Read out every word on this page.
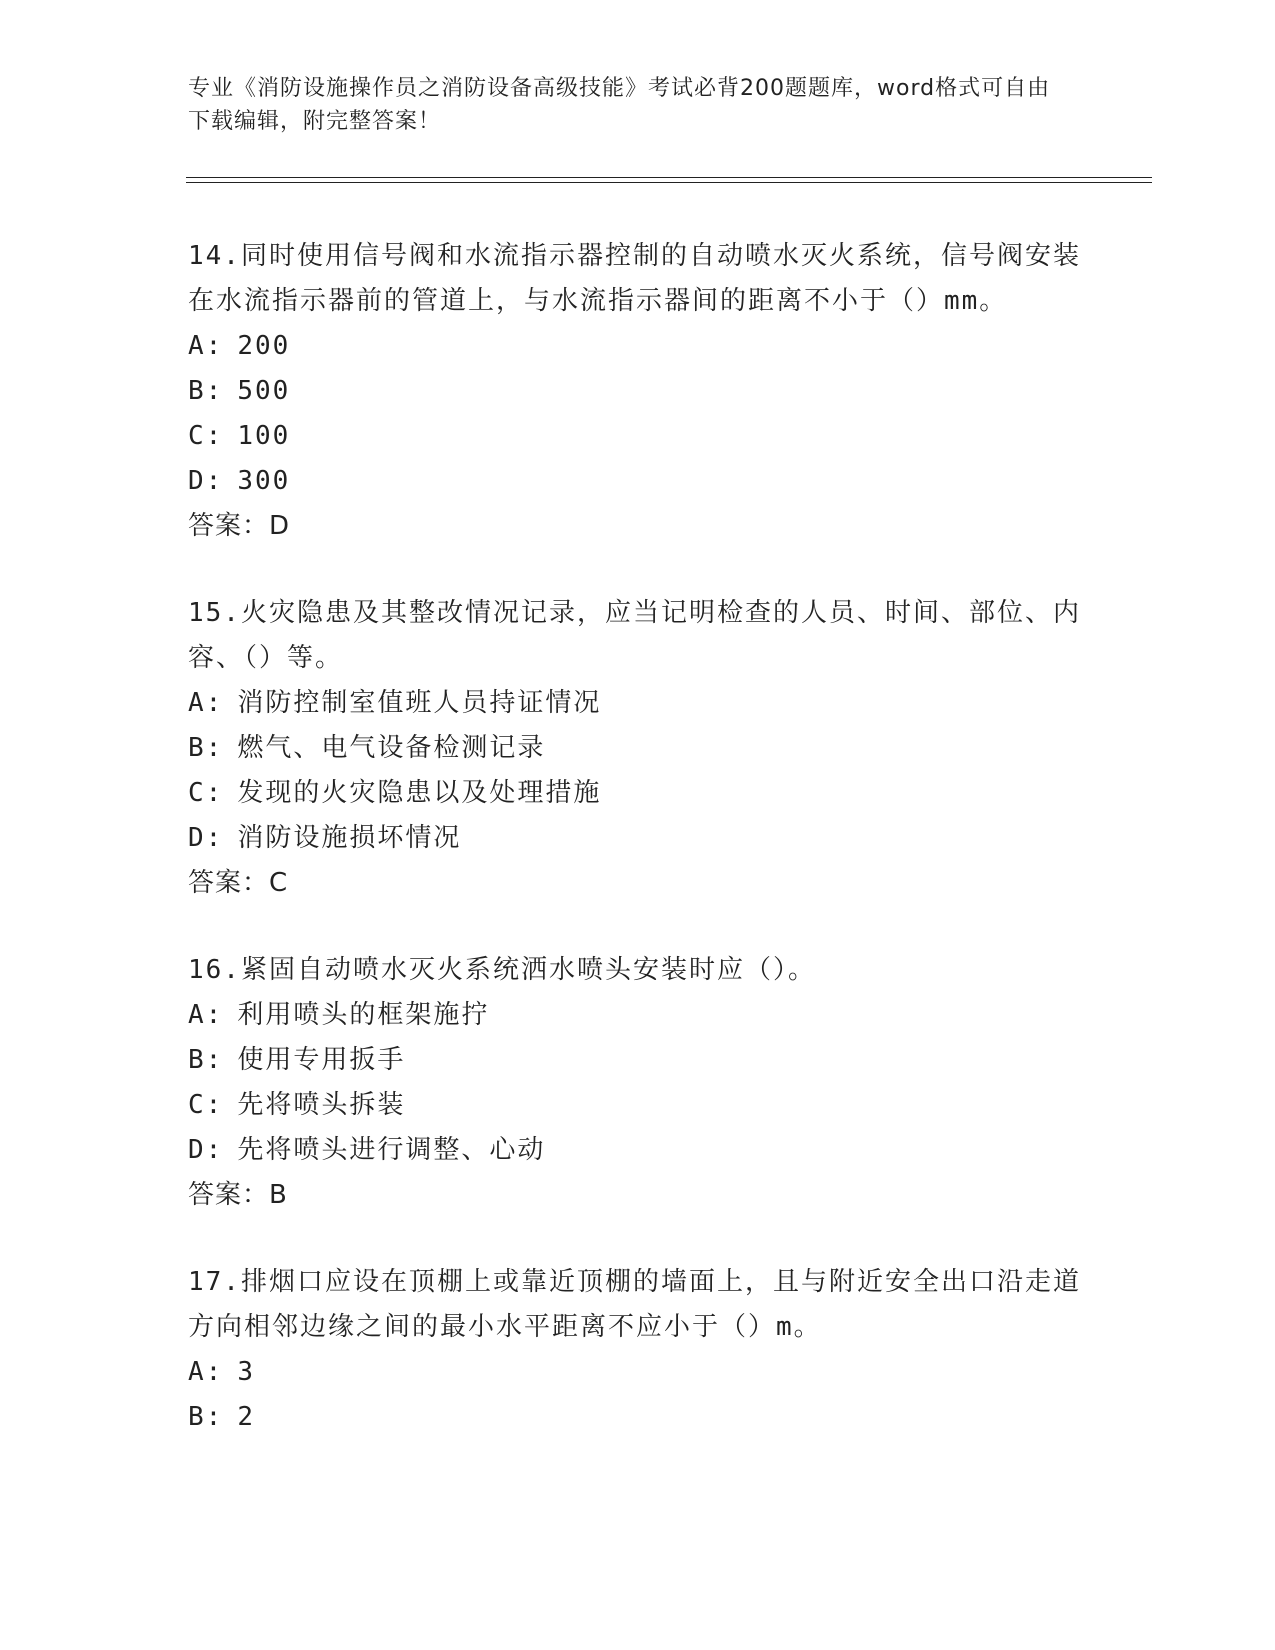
专业《消防设施操作员之消防设备高级技能》考试必背200题题库，word格式可自由下载编辑，附完整答案！

14.同时使用信号阀和水流指示器控制的自动喷水灭火系统，信号阀安装在水流指示器前的管道上，与水流指示器间的距离不小于（）mm。

A: 200

B: 500

C: 100

D: 300

答案：D

15.火灾隐患及其整改情况记录，应当记明检查的人员、时间、部位、内容、（）等。

A: 消防控制室值班人员持证情况

B: 燃气、电气设备检测记录

C: 发现的火灾隐患以及处理措施

D: 消防设施损坏情况

答案：C

16.紧固自动喷水灭火系统洒水喷头安装时应（）。

A: 利用喷头的框架施拧

B: 使用专用扳手

C: 先将喷头拆装

D: 先将喷头进行调整、心动

答案：B

17.排烟口应设在顶棚上或靠近顶棚的墙面上，且与附近安全出口沿走道方向相邻边缘之间的最小水平距离不应小于（）m。

A: 3

B: 2
